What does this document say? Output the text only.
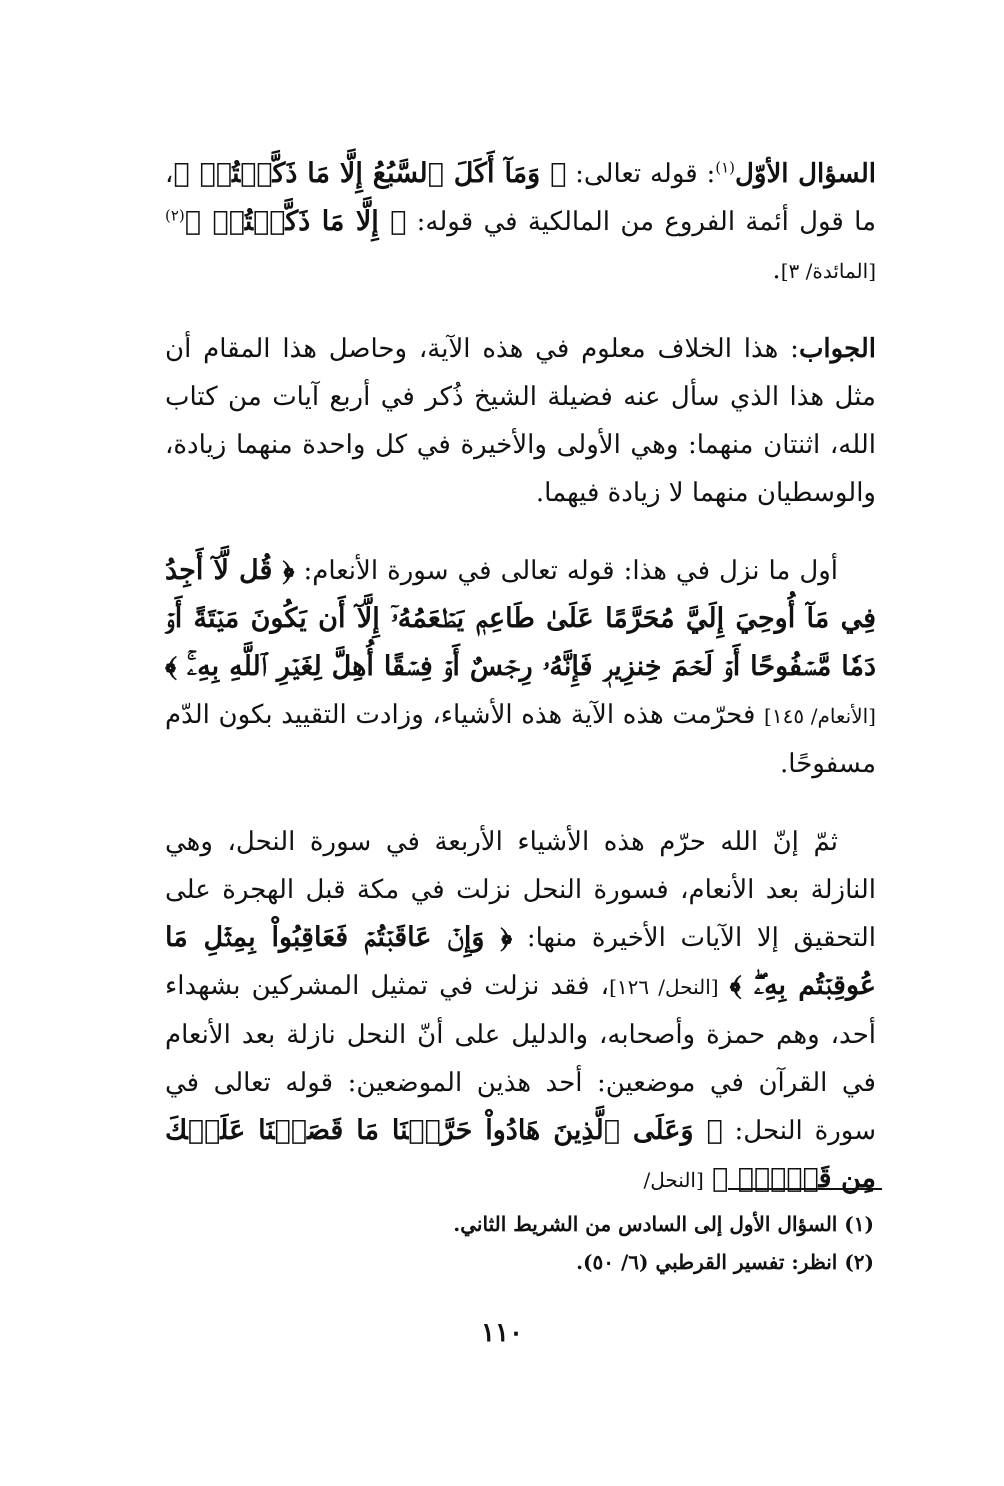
السؤال الأوّل$^{(١)}$: قوله تعالى: ﴿ وَمَآ أَكَلَ ٱلسَّبُعُ إِلَّا مَا ذَكَّيۡتُمۡ ﴾، ما قول أئمة الفروع من المالكية في قوله: ﴿ إِلَّا مَا ذَكَّيۡتُمۡ ﴾$^{(٢)}$[المائدة/ ٣].

الجواب: هذا الخلاف معلوم في هذه الآية، وحاصل هذا المقام أن مثل هذا الذي سأل عنه فضيلة الشيخ ذُكر في أربع آيات من كتاب الله، اثنتان منهما: وهي الأولى والأخيرة في كل واحدة منهما زيادة، والوسطيان منهما لا زيادة فيهما.

أول ما نزل في هذا: قوله تعالى في سورة الأنعام: ﴿ قُل لَّآ أَجِدُ فِي مَآ أُوحِيَ إِلَيَّ مُحَرَّمًا عَلَىٰ طَاعِمٖ يَطۡعَمُهُۥٓ إِلَّآ أَن يَكُونَ مَيۡتَةً أَوۡ دَمٗا مَّسۡفُوحًا أَوۡ لَحۡمَ خِنزِيرٖ فَإِنَّهُۥ رِجۡسٌ أَوۡ فِسۡقًا أُهِلَّ لِغَيۡرِ ٱللَّهِ بِهِۦۚ ﴾ [الأنعام/ ١٤٥] فحرّمت هذه الآية هذه الأشياء، وزادت التقييد بكون الدّم مسفوحًا.

ثمّ إنّ الله حرّم هذه الأشياء الأربعة في سورة النحل، وهي النازلة بعد الأنعام، فسورة النحل نزلت في مكة قبل الهجرة على التحقيق إلا الآيات الأخيرة منها: ﴿ وَإِنۡ عَاقَبۡتُمۡ فَعَاقِبُواْ بِمِثۡلِ مَا عُوقِبۡتُم بِهِۦۖ ﴾ [النحل/ ١٢٦]، فقد نزلت في تمثيل المشركين بشهداء أحد، وهم حمزة وأصحابه، والدليل على أنّ النحل نازلة بعد الأنعام في القرآن في موضعين: أحد هذين الموضعين: قوله تعالى في سورة النحل: ﴿ وَعَلَى ٱلَّذِينَ هَادُواْ حَرَّمۡنَا مَا قَصَصۡنَا عَلَيۡكَ مِن قَبۡلُۖ ﴾ [النحل/

(١) السؤال الأول إلى السادس من الشريط الثاني.

(٢) انظر: تفسير القرطبي (٦/ ٥٠).

١١٠
